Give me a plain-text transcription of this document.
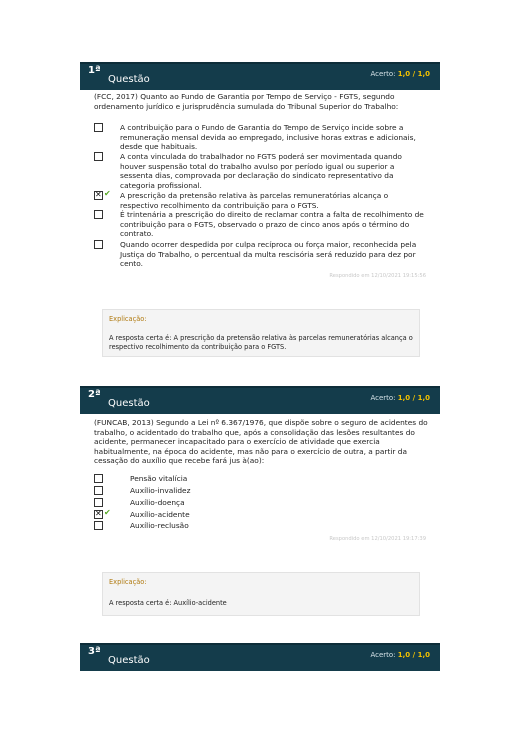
1ª
Questão	Acerto: 1,0 / 1,0
(FCC, 2017) Quanto ao Fundo de Garantia por Tempo de Serviço - FGTS, segundo ordenamento jurídico e jurisprudência sumulada do Tribunal Superior do Trabalho:
A contribuição para o Fundo de Garantia do Tempo de Serviço incide sobre a remuneração mensal devida ao empregado, inclusive horas extras e adicionais, desde que habituais.
A conta vinculada do trabalhador no FGTS poderá ser movimentada quando houver suspensão total do trabalho avulso por período igual ou superior a sessenta dias, comprovada por declaração do sindicato representativo da categoria profissional.
✕
✔ A prescrição da pretensão relativa às parcelas remuneratórias alcança o respectivo recolhimento da contribuição para o FGTS.
É trintenária a prescrição do direito de reclamar contra a falta de recolhimento de contribuição para o FGTS, observado o prazo de cinco anos após o término do contrato.
Quando ocorrer despedida por culpa recíproca ou força maior, reconhecida pela Justiça do Trabalho, o percentual da multa rescisória será reduzido para dez por cento.
Respondido em 12/10/2021 19:15:56
Explicação:
A resposta certa é: A prescrição da pretensão relativa às parcelas remuneratórias alcança o respectivo recolhimento da contribuição para o FGTS.
2ª
Questão	Acerto: 1,0 / 1,0
(FUNCAB, 2013) Segundo a Lei nº 6.367/1976, que dispõe sobre o seguro de acidentes do trabalho, o acidentado do trabalho que, após a consolidação das lesões resultantes do acidente, permanecer incapacitado para o exercício de atividade que exercia habitualmente, na época do acidente, mas não para o exercício de outra, a partir da cessação do auxílio que recebe fará jus à(ao):
Pensão vitalícia
Auxílio-invalidez
Auxílio-doença
✕
✔	Auxílio-acidente
Auxílio-reclusão
Respondido em 12/10/2021 19:17:39
Explicação:
A resposta certa é: Auxílio-acidente
3ª
Questão	Acerto: 1,0 / 1,0
